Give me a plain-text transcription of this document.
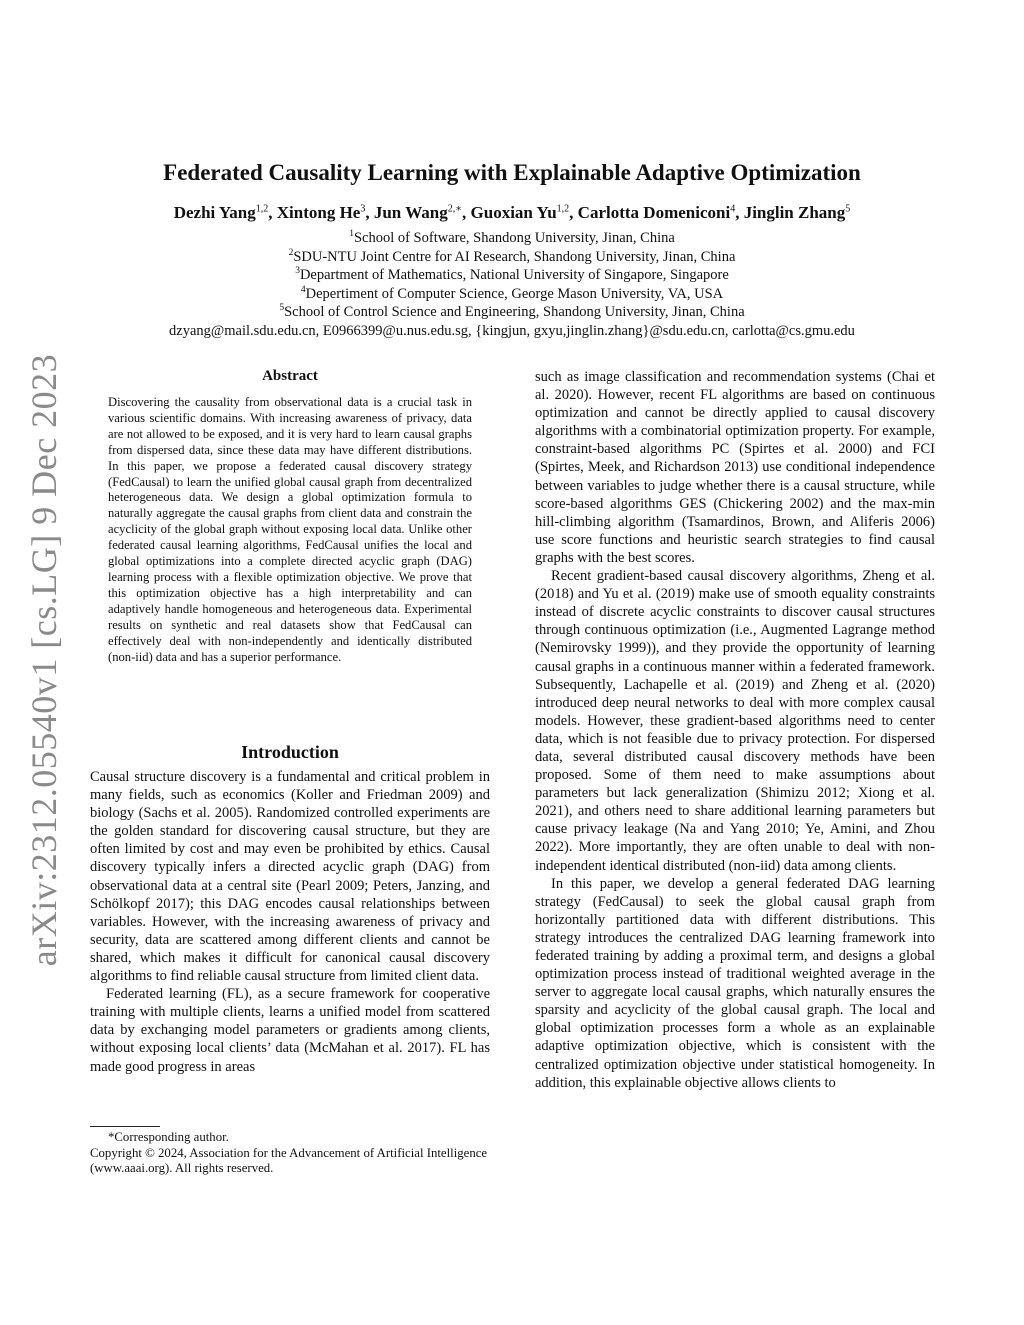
arXiv:2312.05540v1 [cs.LG] 9 Dec 2023
Federated Causality Learning with Explainable Adaptive Optimization
Dezhi Yang$^{1,2}$, Xintong He$^3$, Jun Wang$^{2,∗}$, Guoxian Yu$^{1,2}$, Carlotta Domeniconi$^4$, Jinglin Zhang$^5$
$^1$School of Software, Shandong University, Jinan, China
$^2$SDU-NTU Joint Centre for AI Research, Shandong University, Jinan, China
$^3$Department of Mathematics, National University of Singapore, Singapore
$^4$Depertiment of Computer Science, George Mason University, VA, USA
$^5$School of Control Science and Engineering, Shandong University, Jinan, China
dzyang@mail.sdu.edu.cn, E0966399@u.nus.edu.sg, {kingjun, gxyu,jinglin.zhang}@sdu.edu.cn, carlotta@cs.gmu.edu
Abstract

Discovering the causality from observational data is a crucial task in various scientific domains. With increasing awareness of privacy, data are not allowed to be exposed, and it is very hard to learn causal graphs from dispersed data, since these data may have different distributions. In this paper, we propose a federated causal discovery strategy (FedCausal) to learn the unified global causal graph from decentralized heterogeneous data. We design a global optimization formula to naturally aggregate the causal graphs from client data and constrain the acyclicity of the global graph without exposing local data. Unlike other federated causal learning algorithms, FedCausal unifies the local and global optimizations into a complete directed acyclic graph (DAG) learning process with a flexible optimization objective. We prove that this optimization objective has a high interpretability and can adaptively handle homogeneous and heterogeneous data. Experimental results on synthetic and real datasets show that FedCausal can effectively deal with non-independently and identically distributed (non-iid) data and has a superior performance.

Introduction

Causal structure discovery is a fundamental and critical problem in many fields, such as economics (Koller and Friedman 2009) and biology (Sachs et al. 2005). Randomized controlled experiments are the golden standard for discovering causal structure, but they are often limited by cost and may even be prohibited by ethics. Causal discovery typically infers a directed acyclic graph (DAG) from observational data at a central site (Pearl 2009; Peters, Janzing, and Schölkopf 2017); this DAG encodes causal relationships between variables. However, with the increasing awareness of privacy and security, data are scattered among different clients and cannot be shared, which makes it difficult for canonical causal discovery algorithms to find reliable causal structure from limited client data.

Federated learning (FL), as a secure framework for cooperative training with multiple clients, learns a unified model from scattered data by exchanging model parameters or gradients among clients, without exposing local clients’ data (McMahan et al. 2017). FL has made good progress in areas

*Corresponding author.

Copyright © 2024, Association for the Advancement of Artificial Intelligence (www.aaai.org). All rights reserved.

such as image classification and recommendation systems (Chai et al. 2020). However, recent FL algorithms are based on continuous optimization and cannot be directly applied to causal discovery algorithms with a combinatorial optimization property. For example, constraint-based algorithms PC (Spirtes et al. 2000) and FCI (Spirtes, Meek, and Richardson 2013) use conditional independence between variables to judge whether there is a causal structure, while score-based algorithms GES (Chickering 2002) and the max-min hill-climbing algorithm (Tsamardinos, Brown, and Aliferis 2006) use score functions and heuristic search strategies to find causal graphs with the best scores.

Recent gradient-based causal discovery algorithms, Zheng et al. (2018) and Yu et al. (2019) make use of smooth equality constraints instead of discrete acyclic constraints to discover causal structures through continuous optimization (i.e., Augmented Lagrange method (Nemirovsky 1999)), and they provide the opportunity of learning causal graphs in a continuous manner within a federated framework. Subsequently, Lachapelle et al. (2019) and Zheng et al. (2020) introduced deep neural networks to deal with more complex causal models. However, these gradient-based algorithms need to center data, which is not feasible due to privacy protection. For dispersed data, several distributed causal discovery methods have been proposed. Some of them need to make assumptions about parameters but lack generalization (Shimizu 2012; Xiong et al. 2021), and others need to share additional learning parameters but cause privacy leakage (Na and Yang 2010; Ye, Amini, and Zhou 2022). More importantly, they are often unable to deal with non-independent identical distributed (non-iid) data among clients.

In this paper, we develop a general federated DAG learning strategy (FedCausal) to seek the global causal graph from horizontally partitioned data with different distributions. This strategy introduces the centralized DAG learning framework into federated training by adding a proximal term, and designs a global optimization process instead of traditional weighted average in the server to aggregate local causal graphs, which naturally ensures the sparsity and acyclicity of the global causal graph. The local and global optimization processes form a whole as an explainable adaptive optimization objective, which is consistent with the centralized optimization objective under statistical homogeneity. In addition, this explainable objective allows clients to
